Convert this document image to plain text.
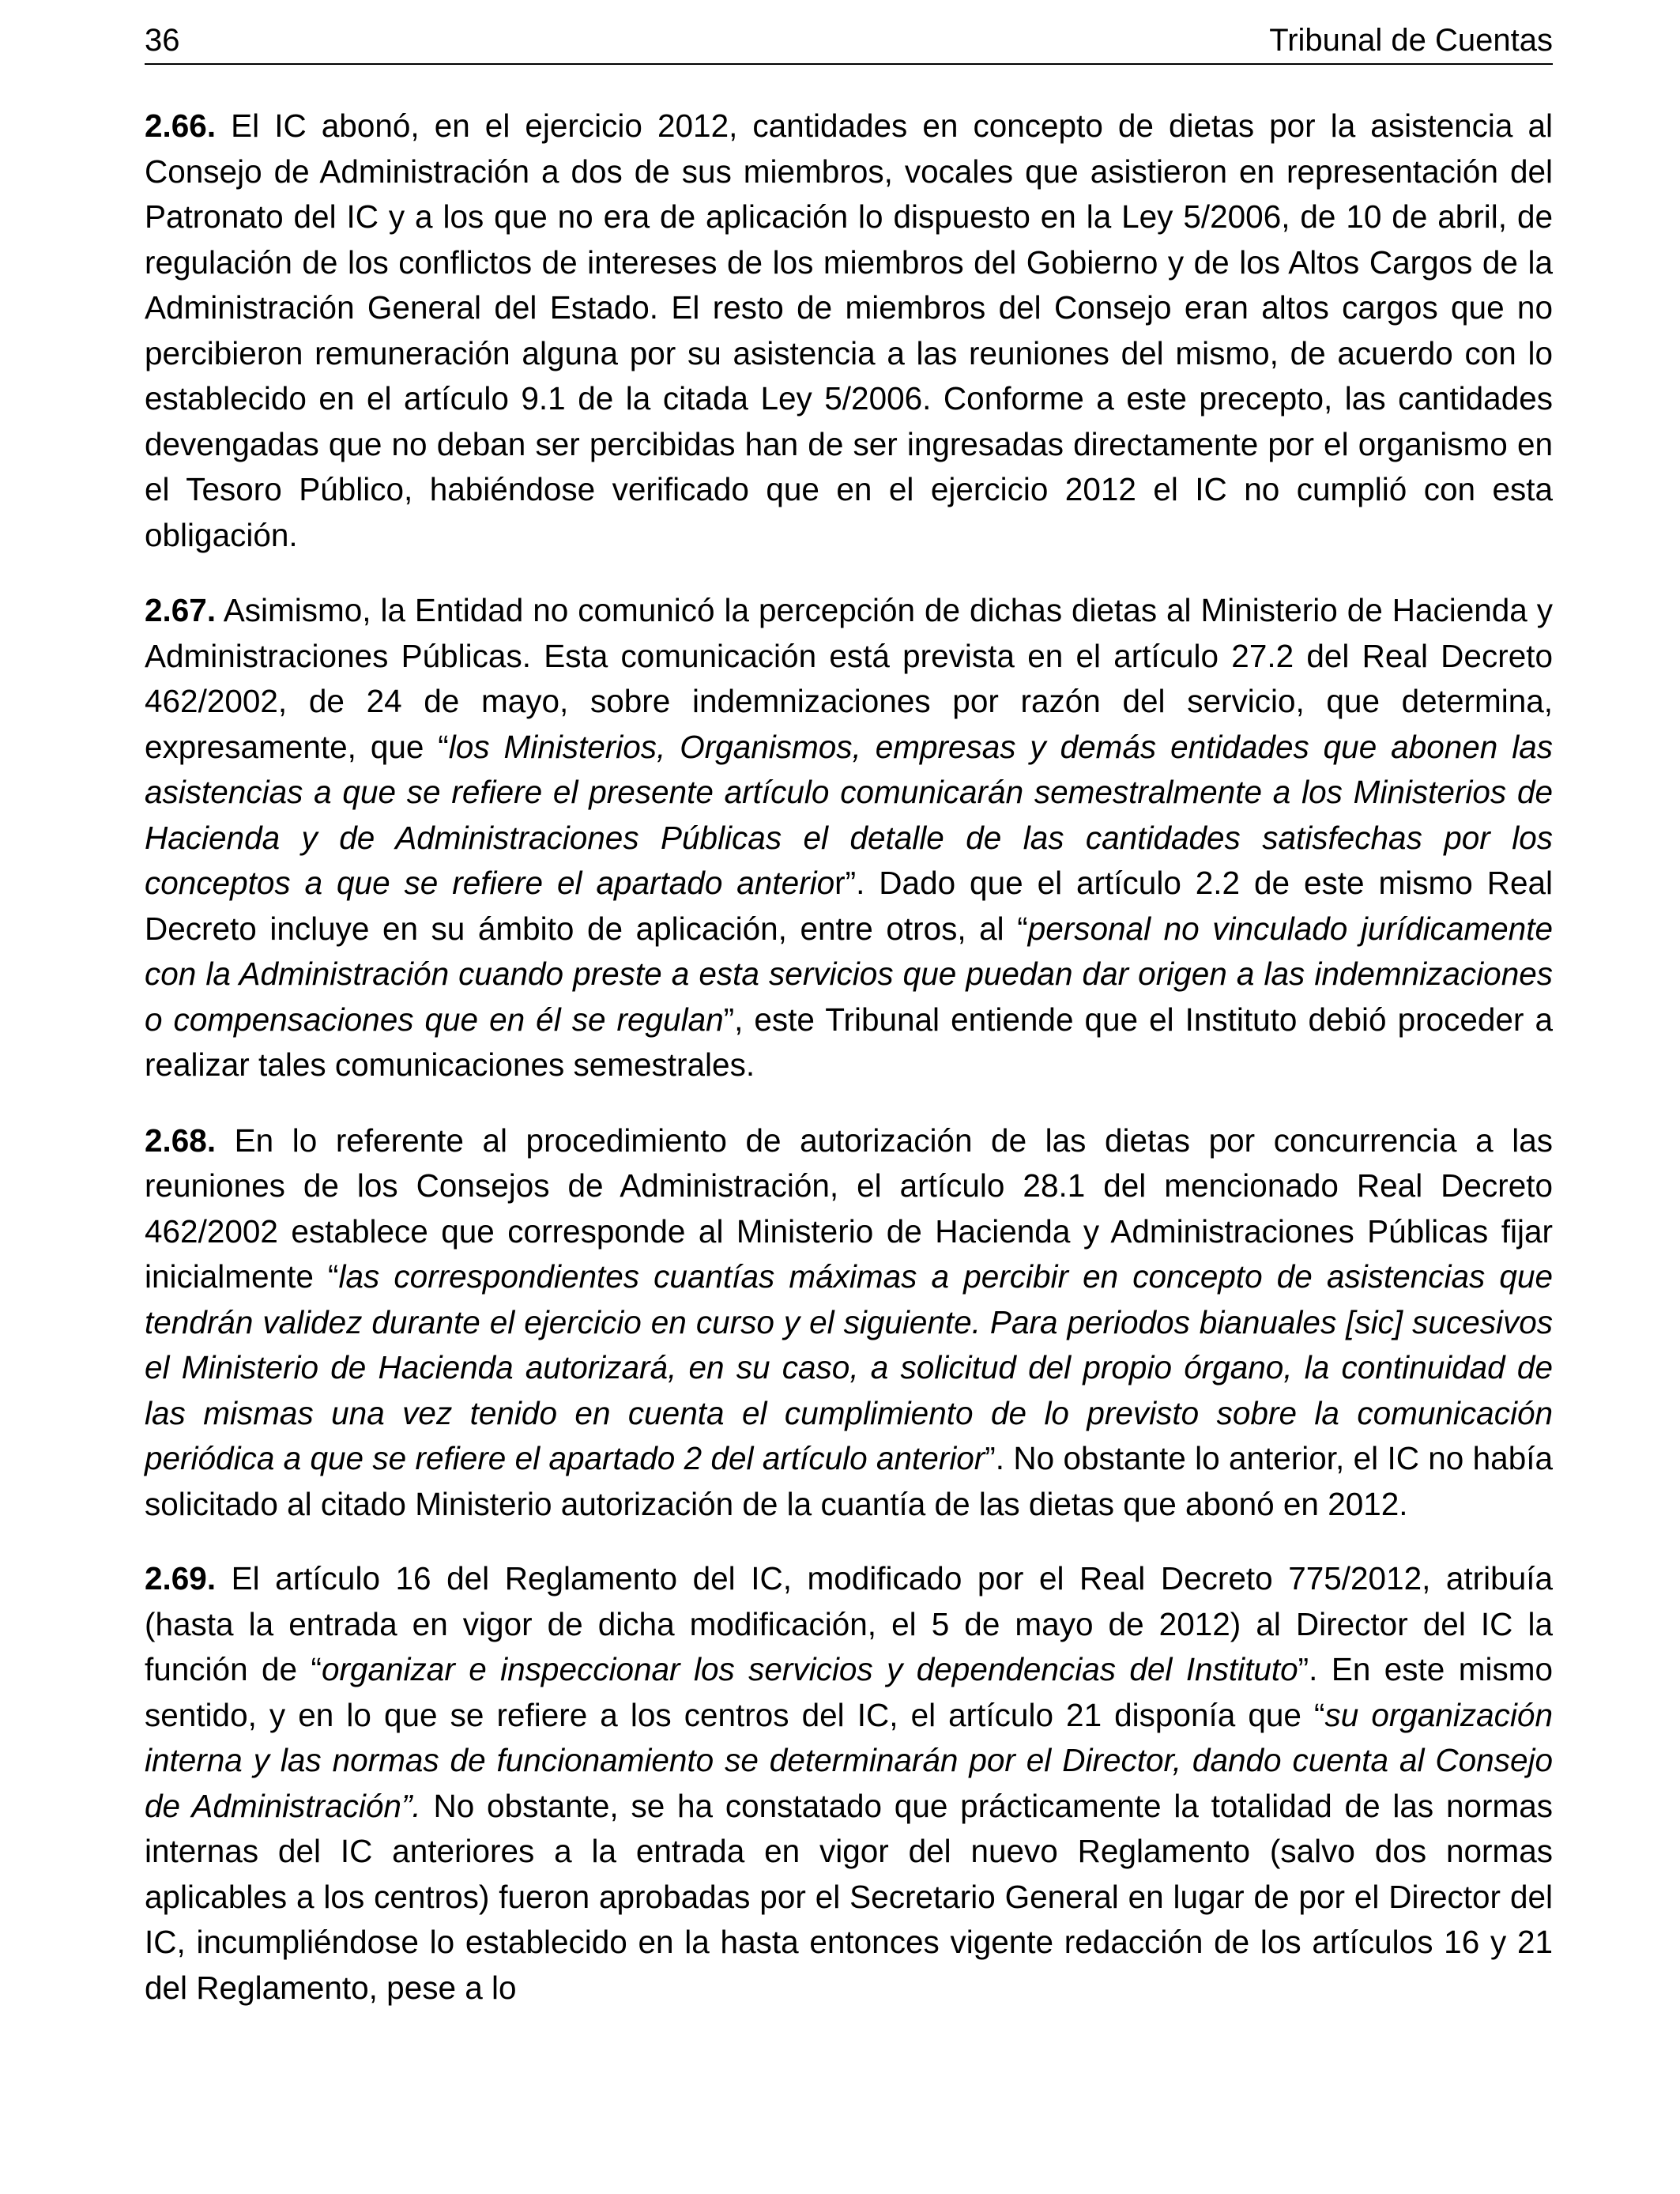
36	Tribunal de Cuentas

2.66. El IC abonó, en el ejercicio 2012, cantidades en concepto de dietas por la asistencia al Consejo de Administración a dos de sus miembros, vocales que asistieron en representación del Patronato del IC y a los que no era de aplicación lo dispuesto en la Ley 5/2006, de 10 de abril, de regulación de los conflictos de intereses de los miembros del Gobierno y de los Altos Cargos de la Administración General del Estado. El resto de miembros del Consejo eran altos cargos que no percibieron remuneración alguna por su asistencia a las reuniones del mismo, de acuerdo con lo establecido en el artículo 9.1 de la citada Ley 5/2006. Conforme a este precepto, las cantidades devengadas que no deban ser percibidas han de ser ingresadas directamente por el organismo en el Tesoro Público, habiéndose verificado que en el ejercicio 2012 el IC no cumplió con esta obligación.

2.67. Asimismo, la Entidad no comunicó la percepción de dichas dietas al Ministerio de Hacienda y Administraciones Públicas. Esta comunicación está prevista en el artículo 27.2 del Real Decreto 462/2002, de 24 de mayo, sobre indemnizaciones por razón del servicio, que determina, expresamente, que “los Ministerios, Organismos, empresas y demás entidades que abonen las asistencias a que se refiere el presente artículo comunicarán semestralmente a los Ministerios de Hacienda y de Administraciones Públicas el detalle de las cantidades satisfechas por los conceptos a que se refiere el apartado anterior”. Dado que el artículo 2.2 de este mismo Real Decreto incluye en su ámbito de aplicación, entre otros, al “personal no vinculado jurídicamente con la Administración cuando preste a esta servicios que puedan dar origen a las indemnizaciones o compensaciones que en él se regulan”, este Tribunal entiende que el Instituto debió proceder a realizar tales comunicaciones semestrales.

2.68. En lo referente al procedimiento de autorización de las dietas por concurrencia a las reuniones de los Consejos de Administración, el artículo 28.1 del mencionado Real Decreto 462/2002 establece que corresponde al Ministerio de Hacienda y Administraciones Públicas fijar inicialmente “las correspondientes cuantías máximas a percibir en concepto de asistencias que tendrán validez durante el ejercicio en curso y el siguiente. Para periodos bianuales [sic] sucesivos el Ministerio de Hacienda autorizará, en su caso, a solicitud del propio órgano, la continuidad de las mismas una vez tenido en cuenta el cumplimiento de lo previsto sobre la comunicación periódica a que se refiere el apartado 2 del artículo anterior”. No obstante lo anterior, el IC no había solicitado al citado Ministerio autorización de la cuantía de las dietas que abonó en 2012.

2.69. El artículo 16 del Reglamento del IC, modificado por el Real Decreto 775/2012, atribuía (hasta la entrada en vigor de dicha modificación, el 5 de mayo de 2012) al Director del IC la función de “organizar e inspeccionar los servicios y dependencias del Instituto”. En este mismo sentido, y en lo que se refiere a los centros del IC, el artículo 21 disponía que “su organización interna y las normas de funcionamiento se determinarán por el Director, dando cuenta al Consejo de Administración”. No obstante, se ha constatado que prácticamente la totalidad de las normas internas del IC anteriores a la entrada en vigor del nuevo Reglamento (salvo dos normas aplicables a los centros) fueron aprobadas por el Secretario General en lugar de por el Director del IC, incumpliéndose lo establecido en la hasta entonces vigente redacción de los artículos 16 y 21 del Reglamento, pese a lo
